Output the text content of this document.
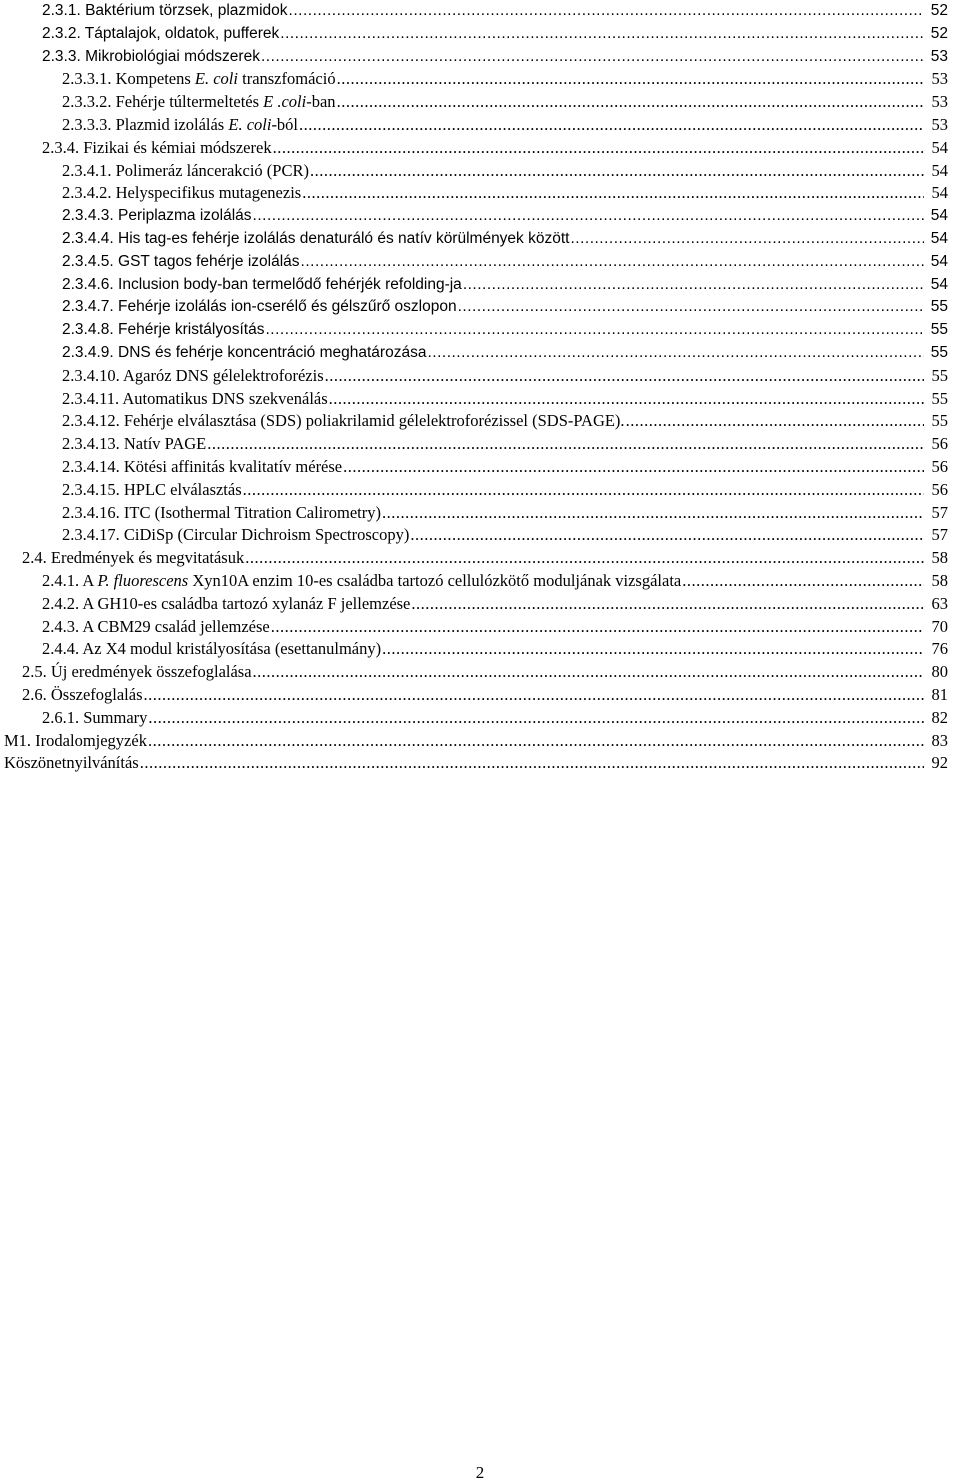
2.3.1. Baktérium törzsek, plazmidok .....	52
2.3.2. Táptalajok, oldatok, pufferek .....	52
2.3.3. Mikrobiológiai módszerek .....	53
2.3.3.1. Kompetens E. coli transzfomáció .....	53
2.3.3.2. Fehérje túltermeltetés E .coli-ban .....	53
2.3.3.3. Plazmid izolálás E. coli-ból .....	53
2.3.4. Fizikai és kémiai módszerek .....	54
2.3.4.1. Polimeráz láncerakció (PCR) .....	54
2.3.4.2. Helyspecifikus mutagenezis .....	54
2.3.4.3. Periplazma izolálás .....	54
2.3.4.4. His tag-es fehérje izolálás denaturáló és natív körülmények között .....	54
2.3.4.5. GST tagos fehérje izolálás .....	54
2.3.4.6. Inclusion body-ban termelődő fehérjék refolding-ja .....	54
2.3.4.7. Fehérje izolálás ion-cserélő és gélszűrő oszlopon .....	55
2.3.4.8. Fehérje kristályosítás .....	55
2.3.4.9. DNS és fehérje koncentráció meghatározása .....	55
2.3.4.10. Agaróz DNS gélelektroforézis .....	55
2.3.4.11. Automatikus DNS szekvenálás .....	55
2.3.4.12. Fehérje elválasztása (SDS) poliakrilamid gélelektroforézissel (SDS-PAGE). .....	55
2.3.4.13. Natív PAGE .....	56
2.3.4.14. Kötési affinitás kvalitatív mérése .....	56
2.3.4.15. HPLC elválasztás .....	56
2.3.4.16. ITC (Isothermal Titration Calirometry) .....	57
2.3.4.17. CiDiSp (Circular Dichroism Spectroscopy) .....	57
2.4. Eredmények és megvitatásuk .....	58
2.4.1. A P. fluorescens Xyn10A enzim 10-es családba tartozó cellulózkötő moduljának vizsgálata .....	58
2.4.2. A GH10-es családba tartozó xylanáz F jellemzése .....	63
2.4.3. A CBM29 család jellemzése .....	70
2.4.4. Az X4 modul kristályosítása (esettanulmány) .....	76
2.5. Új eredmények összefoglalása .....	80
2.6. Összefoglalás .....	81
2.6.1. Summary .....	82
M1. Irodalomjegyzék .....	83
Köszönetnyilvánítás .....	92
2
